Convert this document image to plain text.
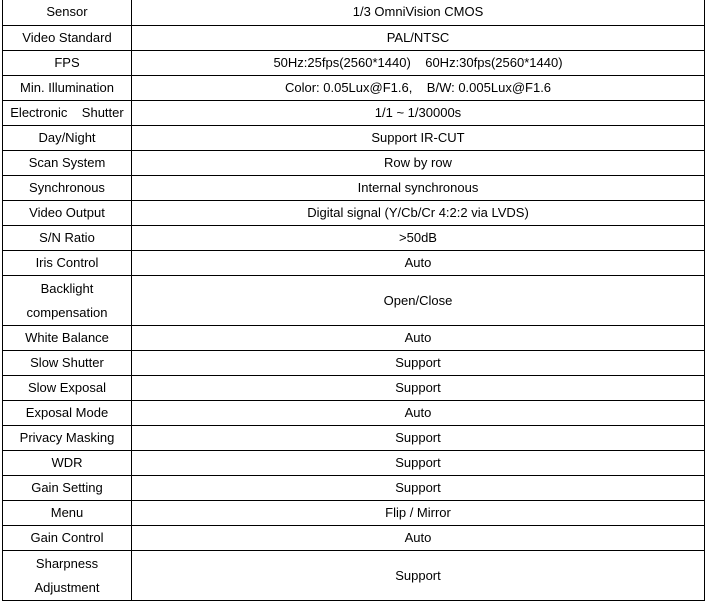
Sensor	1/3 OmniVision CMOS
Video Standard	PAL/NTSC
FPS	50Hz:25fps(2560*1440)    60Hz:30fps(2560*1440)
Min. Illumination	Color: 0.05Lux@F1.6,    B/W: 0.005Lux@F1.6
Electronic    Shutter	1/1 ~ 1/30000s
Day/Night	Support IR-CUT
Scan System	Row by row
Synchronous	Internal synchronous
Video Output	Digital signal (Y/Cb/Cr 4:2:2 via LVDS)
S/N Ratio	>50dB
Iris Control	Auto
Backlight compensation	Open/Close
White Balance	Auto
Slow Shutter	Support
Slow Exposal	Support
Exposal Mode	Auto
Privacy Masking	Support
WDR	Support
Gain Setting	Support
Menu	Flip / Mirror
Gain Control	Auto
Sharpness Adjustment	Support
